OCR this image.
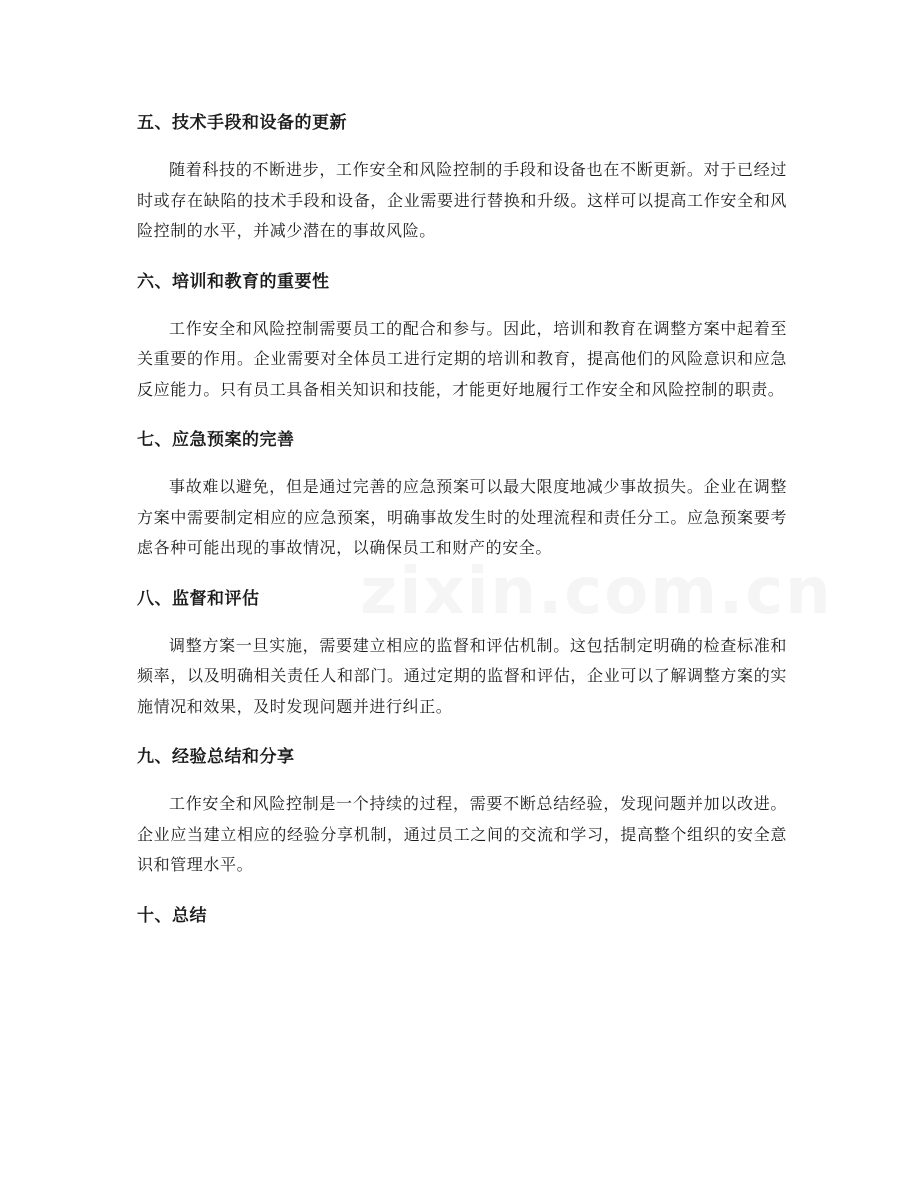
五、技术手段和设备的更新

随着科技的不断进步，工作安全和风险控制的手段和设备也在不断更新。对于已经过时或存在缺陷的技术手段和设备，企业需要进行替换和升级。这样可以提高工作安全和风险控制的水平，并减少潜在的事故风险。

六、培训和教育的重要性

工作安全和风险控制需要员工的配合和参与。因此，培训和教育在调整方案中起着至关重要的作用。企业需要对全体员工进行定期的培训和教育，提高他们的风险意识和应急反应能力。只有员工具备相关知识和技能，才能更好地履行工作安全和风险控制的职责。

七、应急预案的完善

事故难以避免，但是通过完善的应急预案可以最大限度地减少事故损失。企业在调整方案中需要制定相应的应急预案，明确事故发生时的处理流程和责任分工。应急预案要考虑各种可能出现的事故情况，以确保员工和财产的安全。

八、监督和评估

调整方案一旦实施，需要建立相应的监督和评估机制。这包括制定明确的检查标准和频率，以及明确相关责任人和部门。通过定期的监督和评估，企业可以了解调整方案的实施情况和效果，及时发现问题并进行纠正。

九、经验总结和分享

工作安全和风险控制是一个持续的过程，需要不断总结经验，发现问题并加以改进。企业应当建立相应的经验分享机制，通过员工之间的交流和学习，提高整个组织的安全意识和管理水平。

十、总结
zixin.com.cn
